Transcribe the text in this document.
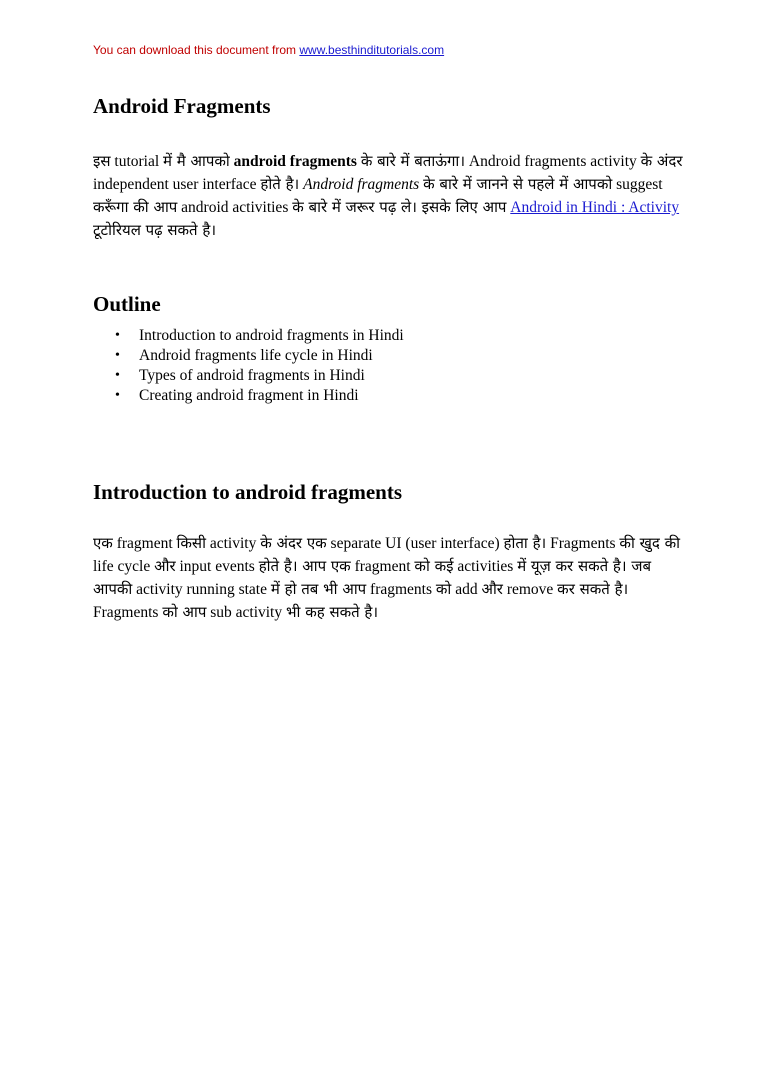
You can download this document from www.besthinditutorials.com
Android Fragments

इस tutorial में मै आपको android fragments के बारे में बताऊंगा। Android fragments activity के अंदर independent user interface होते है। Android fragments के बारे में जानने से पहले में आपको suggest करूँगा की आप android activities के बारे में जरूर पढ़ ले। इसके लिए आप Android in Hindi : Activity टूटोरियल पढ़ सकते है।

Outline
• Introduction to android fragments in Hindi
• Android fragments life cycle in Hindi
• Types of android fragments in Hindi
• Creating android fragment in Hindi
Introduction to android fragments

एक fragment किसी activity के अंदर एक separate UI (user interface) होता है। Fragments की खुद की life cycle और input events होते है। आप एक fragment को कई activities में यूज़ कर सकते है। जब आपकी activity running state में हो तब भी आप fragments को add और remove कर सकते है। Fragments को आप sub activity भी कह सकते है।
